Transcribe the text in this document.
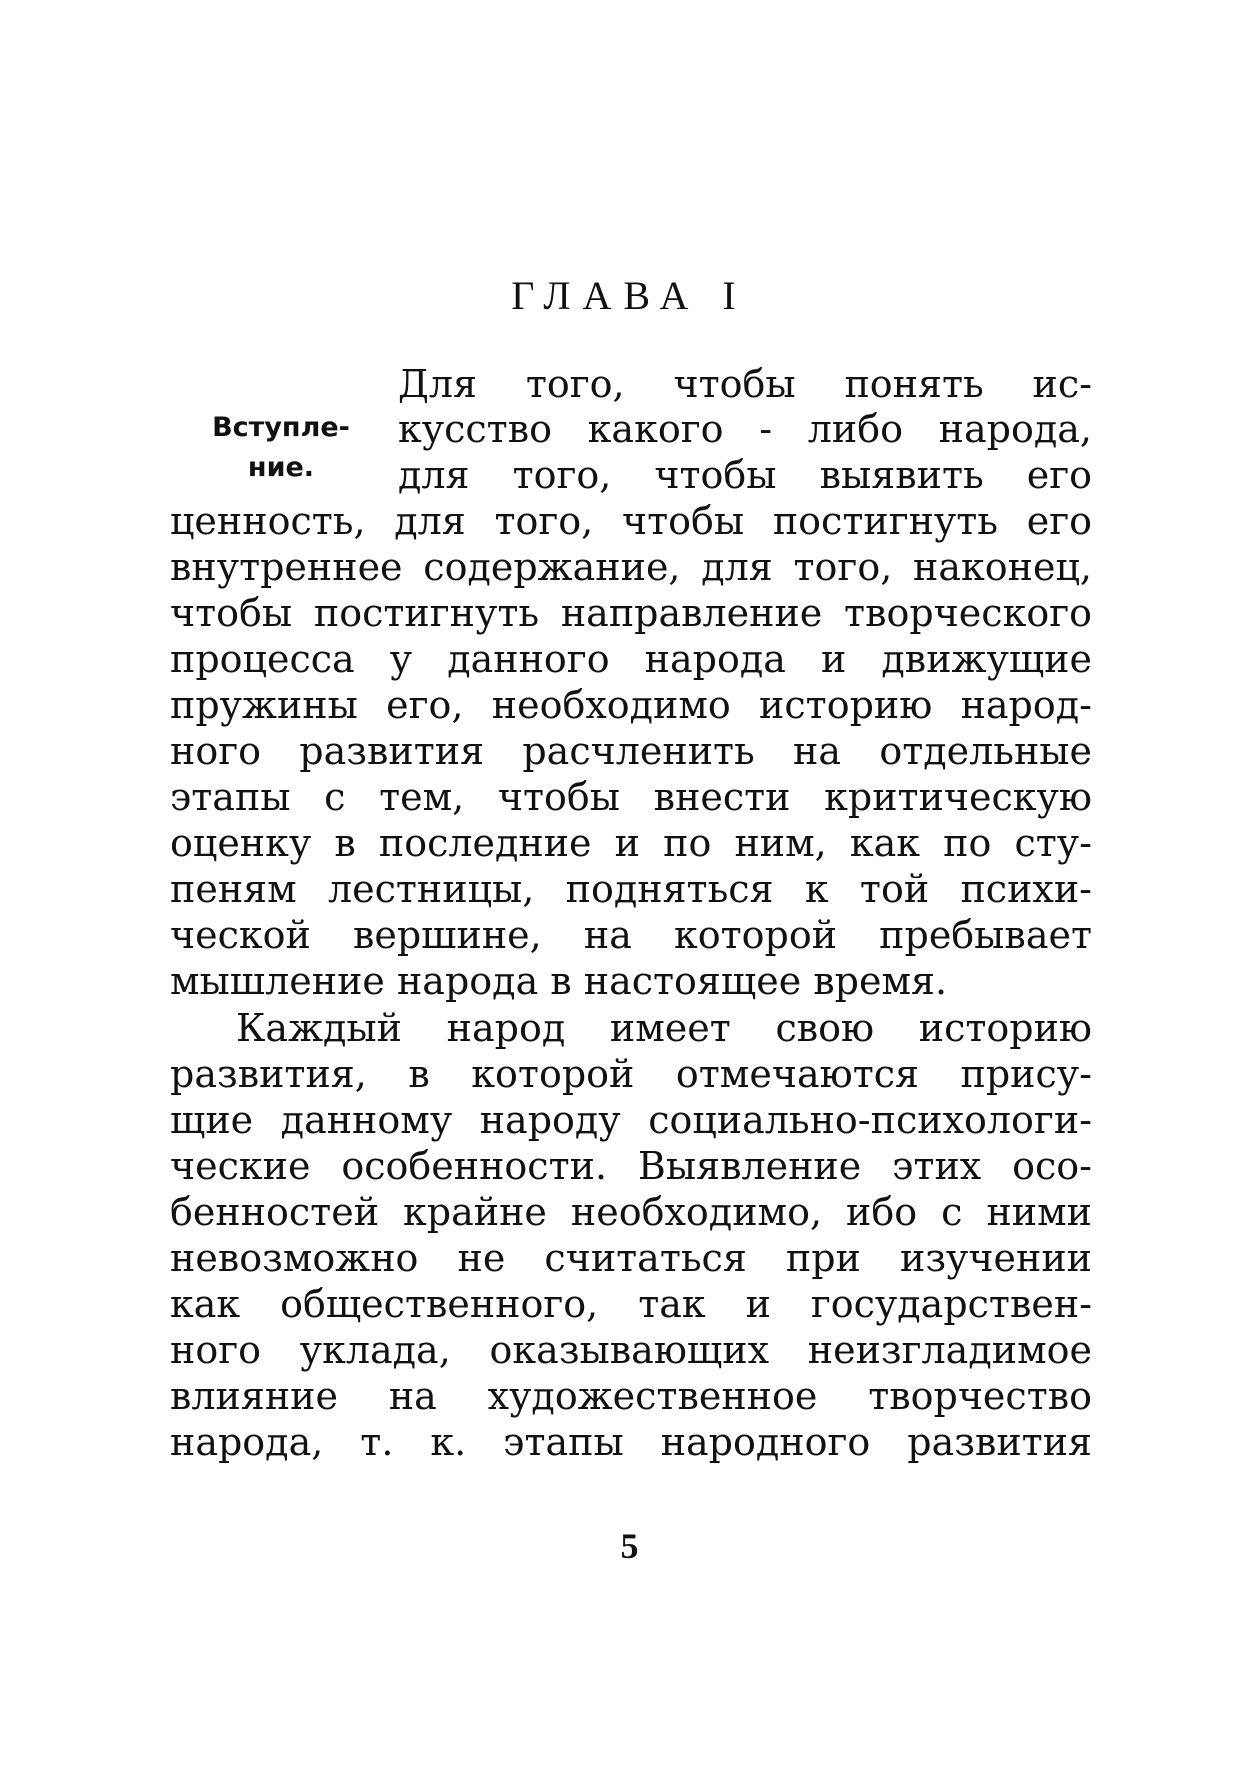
ГЛАВА I
Вступле-ние.
Для того, чтобы понять ис-
кусство какого - либо народа,
для того, чтобы выявить его
ценность, для того, чтобы постигнуть его
внутреннее содержание, для того, наконец,
чтобы постигнуть направление творческого
процесса у данного народа и движущие
пружины его, необходимо историю народ-
ного развития расчленить на отдельные
этапы с тем, чтобы внести критическую
оценку в последние и по ним, как по сту-
пеням лестницы, подняться к той психи-
ческой вершине, на которой пребывает
мышление народа в настоящее время.
Каждый народ имеет свою историю
развития, в которой отмечаются прису-
щие данному народу социально-психологи-
ческие особенности. Выявление этих осо-
бенностей крайне необходимо, ибо с ними
невозможно не считаться при изучении
как общественного, так и государствен-
ного уклада, оказывающих неизгладимое
влияние на художественное творчество
народа, т. к. этапы народного развития
5
